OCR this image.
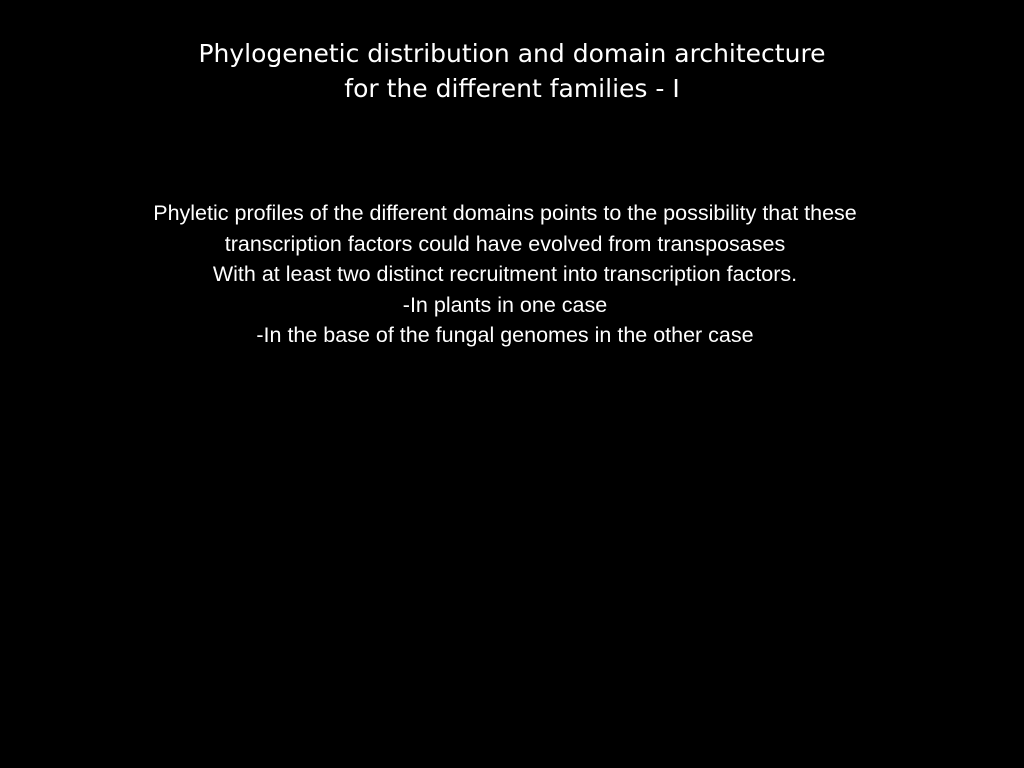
Phylogenetic distribution and domain architecture
for the different families - I
Phyletic profiles of the different domains points to the possibility that these
transcription factors could have evolved from transposases
With at least two distinct recruitment into transcription factors.
-In plants in one case
-In the base of the fungal genomes in the other case
